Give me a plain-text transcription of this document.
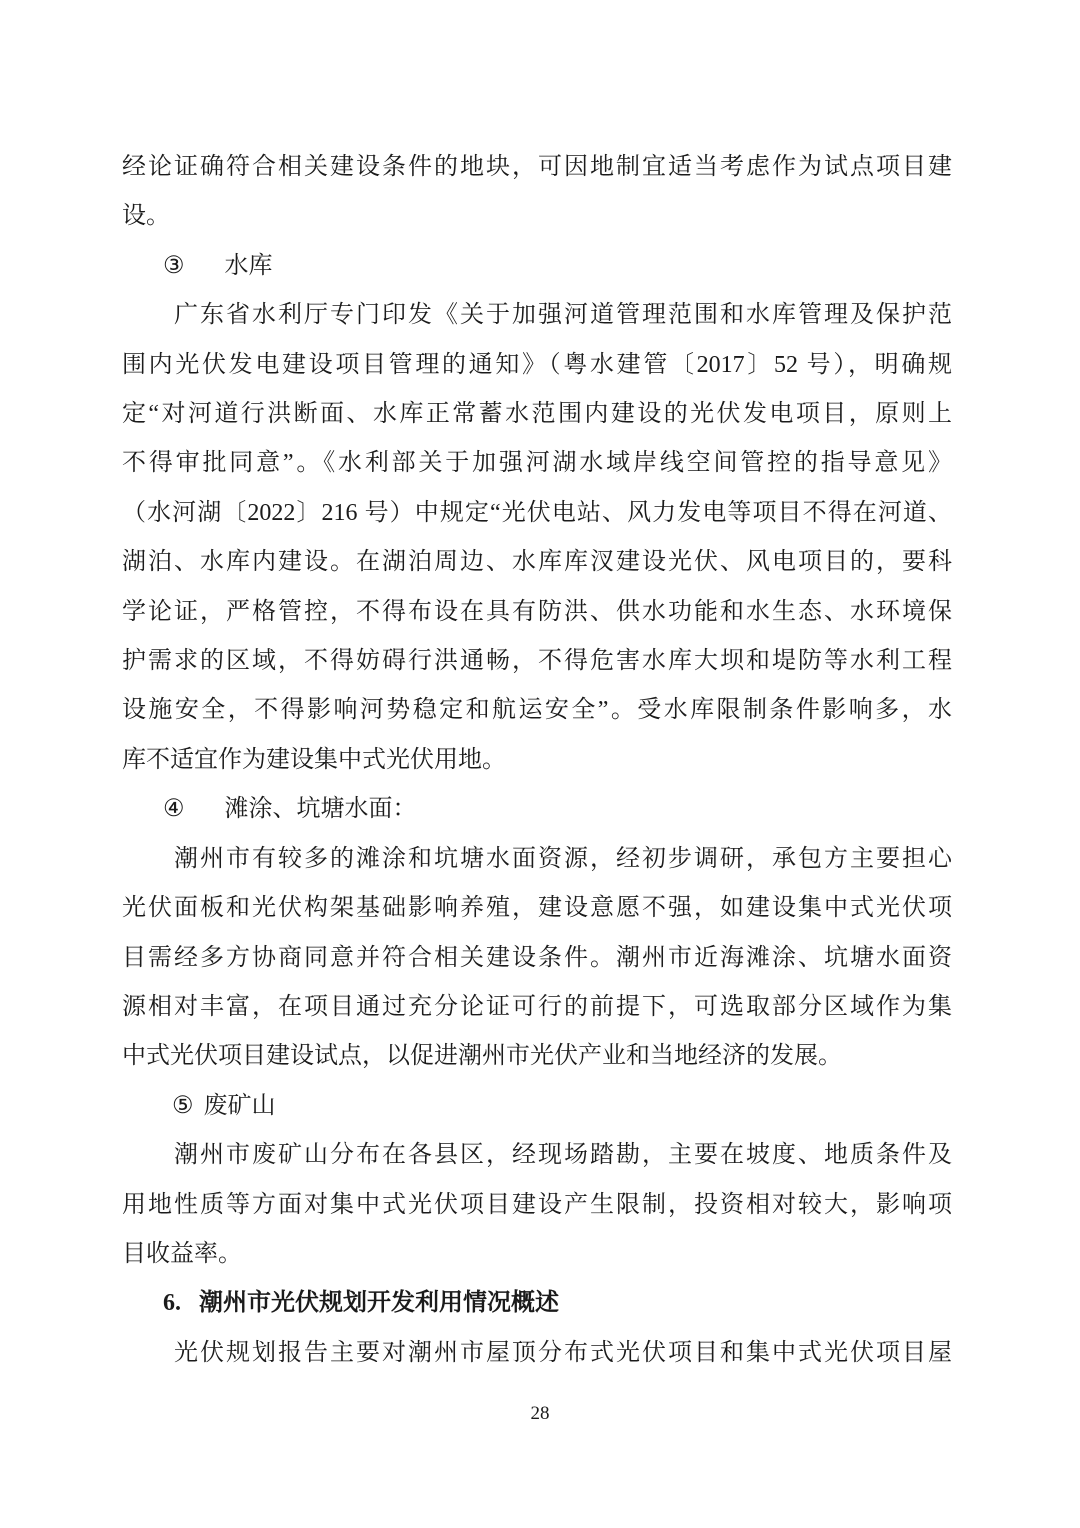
经论证确符合相关建设条件的地块，可因地制宜适当考虑作为试点项目建
设。
③ 水库
广东省水利厅专门印发《关于加强河道管理范围和水库管理及保护范
围内光伏发电建设项目管理的通知》（粤水建管〔2017〕52 号），明确规
定“对河道行洪断面、水库正常蓄水范围内建设的光伏发电项目，原则上
不得审批同意”。《水利部关于加强河湖水域岸线空间管控的指导意见》
（水河湖〔2022〕216 号）中规定“光伏电站、风力发电等项目不得在河道、
湖泊、水库内建设。在湖泊周边、水库库汊建设光伏、风电项目的，要科
学论证，严格管控，不得布设在具有防洪、供水功能和水生态、水环境保
护需求的区域，不得妨碍行洪通畅，不得危害水库大坝和堤防等水利工程
设施安全，不得影响河势稳定和航运安全”。受水库限制条件影响多，水
库不适宜作为建设集中式光伏用地。
④ 滩涂、坑塘水面：
潮州市有较多的滩涂和坑塘水面资源，经初步调研，承包方主要担心
光伏面板和光伏构架基础影响养殖，建设意愿不强，如建设集中式光伏项
目需经多方协商同意并符合相关建设条件。潮州市近海滩涂、坑塘水面资
源相对丰富，在项目通过充分论证可行的前提下，可选取部分区域作为集
中式光伏项目建设试点，以促进潮州市光伏产业和当地经济的发展。
⑤ 废矿山
潮州市废矿山分布在各县区，经现场踏勘，主要在坡度、地质条件及
用地性质等方面对集中式光伏项目建设产生限制，投资相对较大，影响项
目收益率。
6. 潮州市光伏规划开发利用情况概述
光伏规划报告主要对潮州市屋顶分布式光伏项目和集中式光伏项目屋
28
